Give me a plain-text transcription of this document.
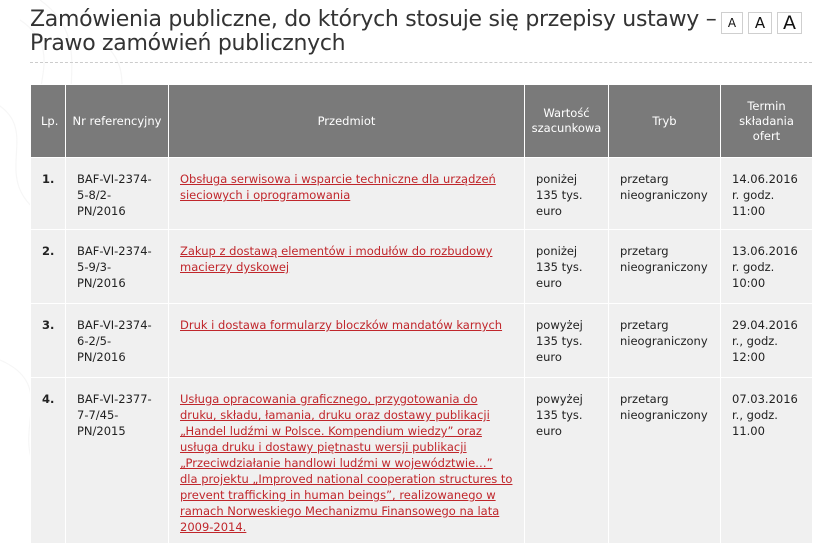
Zamówienia publiczne, do których stosuje się przepisy ustawy – Prawo zamówień publicznych
A	A A
Lp.	Nr referencyjny	Przedmiot	Wartość szacunkowa	Tryb	Termin składania ofert
1.	BAF-VI-2374-5-8/2-PN/2016	Obsługa serwisowa i wsparcie techniczne dla urządzeń sieciowych i oprogramowania	poniżej 135 tys. euro	przetarg nieograniczony	14.06.2016 r. godz. 11:00
2.	BAF-VI-2374-5-9/3-PN/2016	Zakup z dostawą elementów i modułów do rozbudowy macierzy dyskowej	poniżej 135 tys. euro	przetarg nieograniczony	13.06.2016 r. godz. 10:00
3.	BAF-VI-2374-6-2/5-PN/2016	Druk i dostawa formularzy bloczków mandatów karnych	powyżej 135 tys. euro	przetarg nieograniczony	29.04.2016 r., godz. 12:00
4.	BAF-VI-2377-7-7/45-PN/2015	Usługa opracowania graficznego, przygotowania do druku, składu, łamania, druku oraz dostawy publikacji „Handel ludźmi w Polsce. Kompendium wiedzy” oraz usługa druku i dostawy piętnastu wersji publikacji „Przeciwdziałanie handlowi ludźmi w województwie…” dla projektu „Improved national cooperation structures to prevent trafficking in human beings”, realizowanego w ramach Norweskiego Mechanizmu Finansowego na lata 2009-2014.	powyżej 135 tys. euro	przetarg nieograniczony	07.03.2016 r., godz. 11.00
